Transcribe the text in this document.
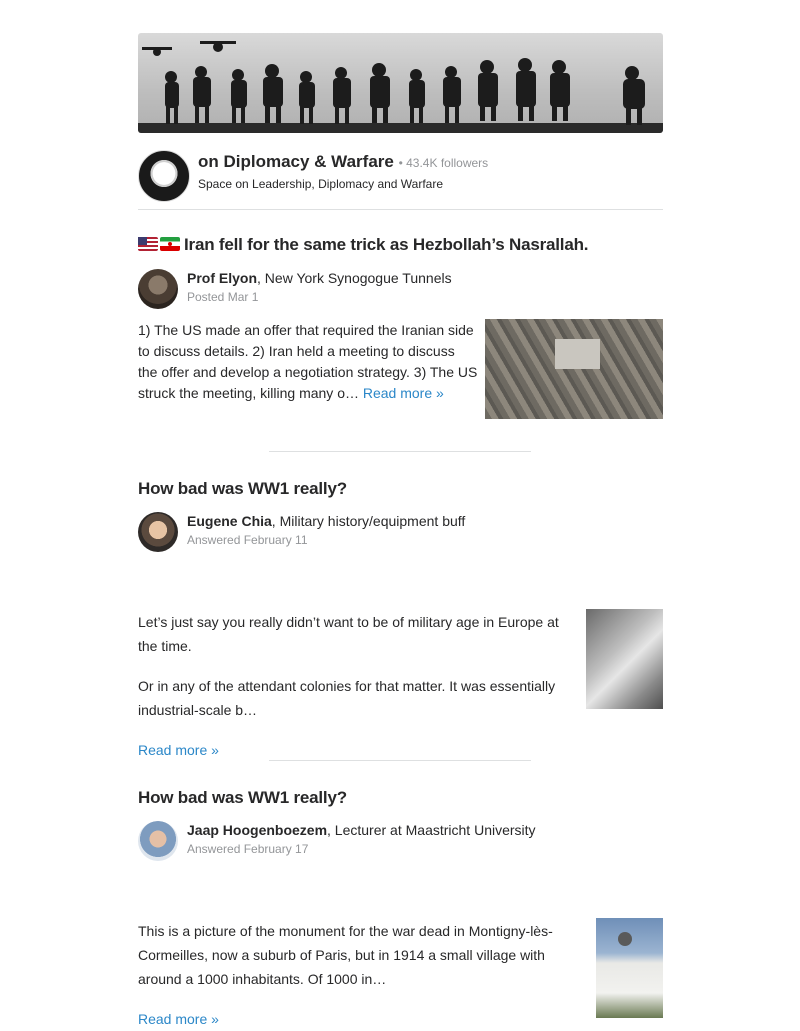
on Diplomacy & Warfare • 43.4K followers
Space on Leadership, Diplomacy and Warfare
Iran fell for the same trick as Hezbollah’s Nasrallah.
Prof Elyon, New York Synogogue Tunnels
Posted Mar 1
1) The US made an offer that required the Iranian side to discuss details. 2) Iran held a meeting to discuss the offer and develop a negotiation strategy. 3) The US struck the meeting, killing many o… Read more »
How bad was WW1 really?
Eugene Chia, Military history/equipment buff
Answered February 11
Let’s just say you really didn’t want to be of military age in Europe at the time.
Or in any of the attendant colonies for that matter. It was essentially industrial-scale b…
Read more »
How bad was WW1 really?
Jaap Hoogenboezem, Lecturer at Maastricht University
Answered February 17
This is a picture of the monument for the war dead in Montigny-lès-Cormeilles, now a suburb of Paris, but in 1914 a small village with around a 1000 inhabitants. Of 1000 in…
Read more »
